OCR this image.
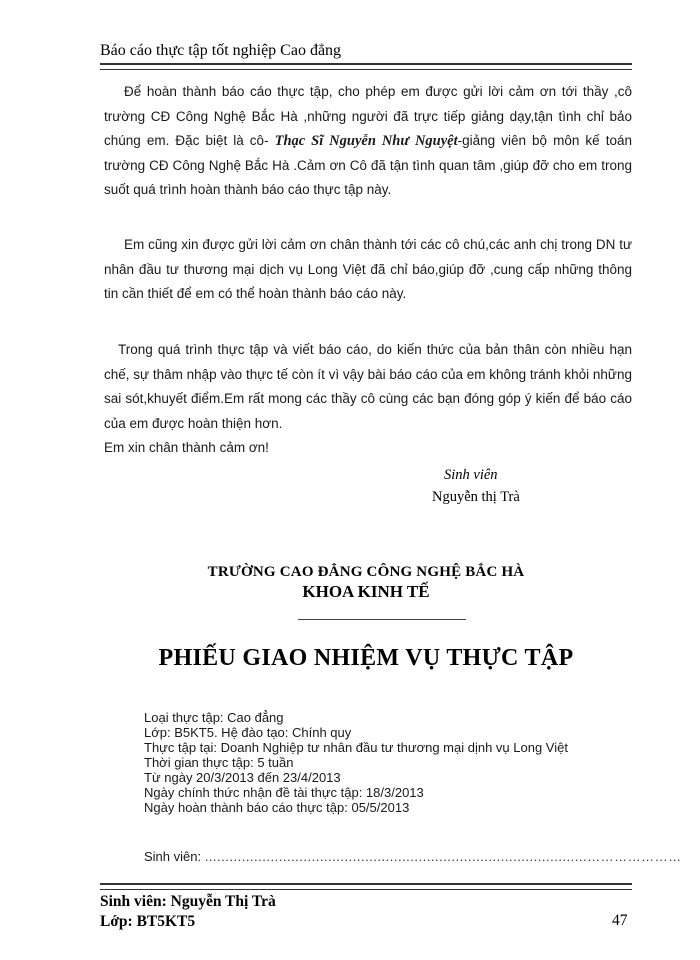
Báo cáo thực tập tốt nghiệp Cao đẳng

Để hoàn thành báo cáo thực tập, cho phép em được gửi lời cảm ơn tới thầy ,cô trường CĐ Công Nghệ Bắc Hà ,những người đã trực tiếp giảng dạy,tận tình chỉ bảo chúng em. Đặc biệt là cô- Thạc Sĩ Nguyễn Như Nguyệt-giảng viên bộ môn kế toán trường CĐ Công Nghệ Bắc Hà .Cảm ơn Cô đã tận tình quan tâm ,giúp đỡ cho em trong suốt quá trình hoàn thành báo cáo thực tập này.

Em cũng xin được gửi lời cảm ơn chân thành tới các cô chú,các anh chị trong DN tư nhân đầu tư thương mại dịch vụ Long Việt đã chỉ báo,giúp đỡ ,cung cấp những thông tin cần thiết để em có thể hoàn thành báo cáo này.

Trong quá trình thực tập và viết báo cáo, do kiến thức của bản thân còn nhiều hạn chế, sự thâm nhập vào thực tế còn ít vì vậy bài báo cáo của em không tránh khỏi những sai sót,khuyết điểm.Em rất mong các thầy cô cùng các bạn đóng góp ý kiến để báo cáo của em được hoàn thiện hơn.

Em xin chân thành cảm ơn!
Sinh viên
Nguyễn thị Trà
TRƯỜNG CAO ĐẲNG CÔNG NGHỆ BẮC HÀ
KHOA KINH TẾ
PHIẾU GIAO NHIỆM VỤ THỰC TẬP
Loại thực tập: Cao đẳng
Lớp: B5KT5. Hệ đào tạo: Chính quy
Thực tập tại: Doanh Nghiệp tư nhân đầu tư thương mại dịnh vụ Long Việt
Thời gian thực tập: 5 tuần
Từ ngày 20/3/2013 đến 23/4/2013
Ngày chính thức nhận đề tài thực tập: 18/3/2013
Ngày hoàn thành báo cáo thực tập: 05/5/2013
Sinh viên: .............................................................................................…………………
Sinh viên: Nguyễn Thị Trà
Lớp: BT5KT5	47
